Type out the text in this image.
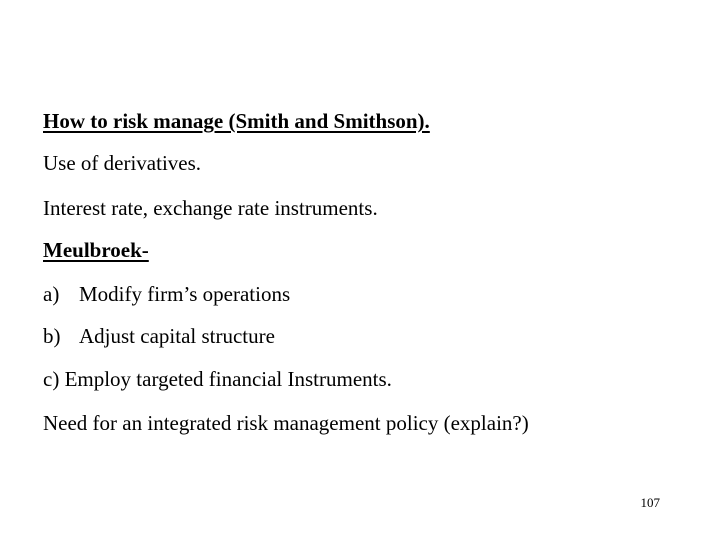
How to risk manage (Smith and Smithson).
Use of derivatives.
Interest rate, exchange rate instruments.
Meulbroek-
a) Modify firm’s operations
b) Adjust capital structure
c) Employ targeted financial Instruments.
Need for an integrated risk management policy (explain?)
107
